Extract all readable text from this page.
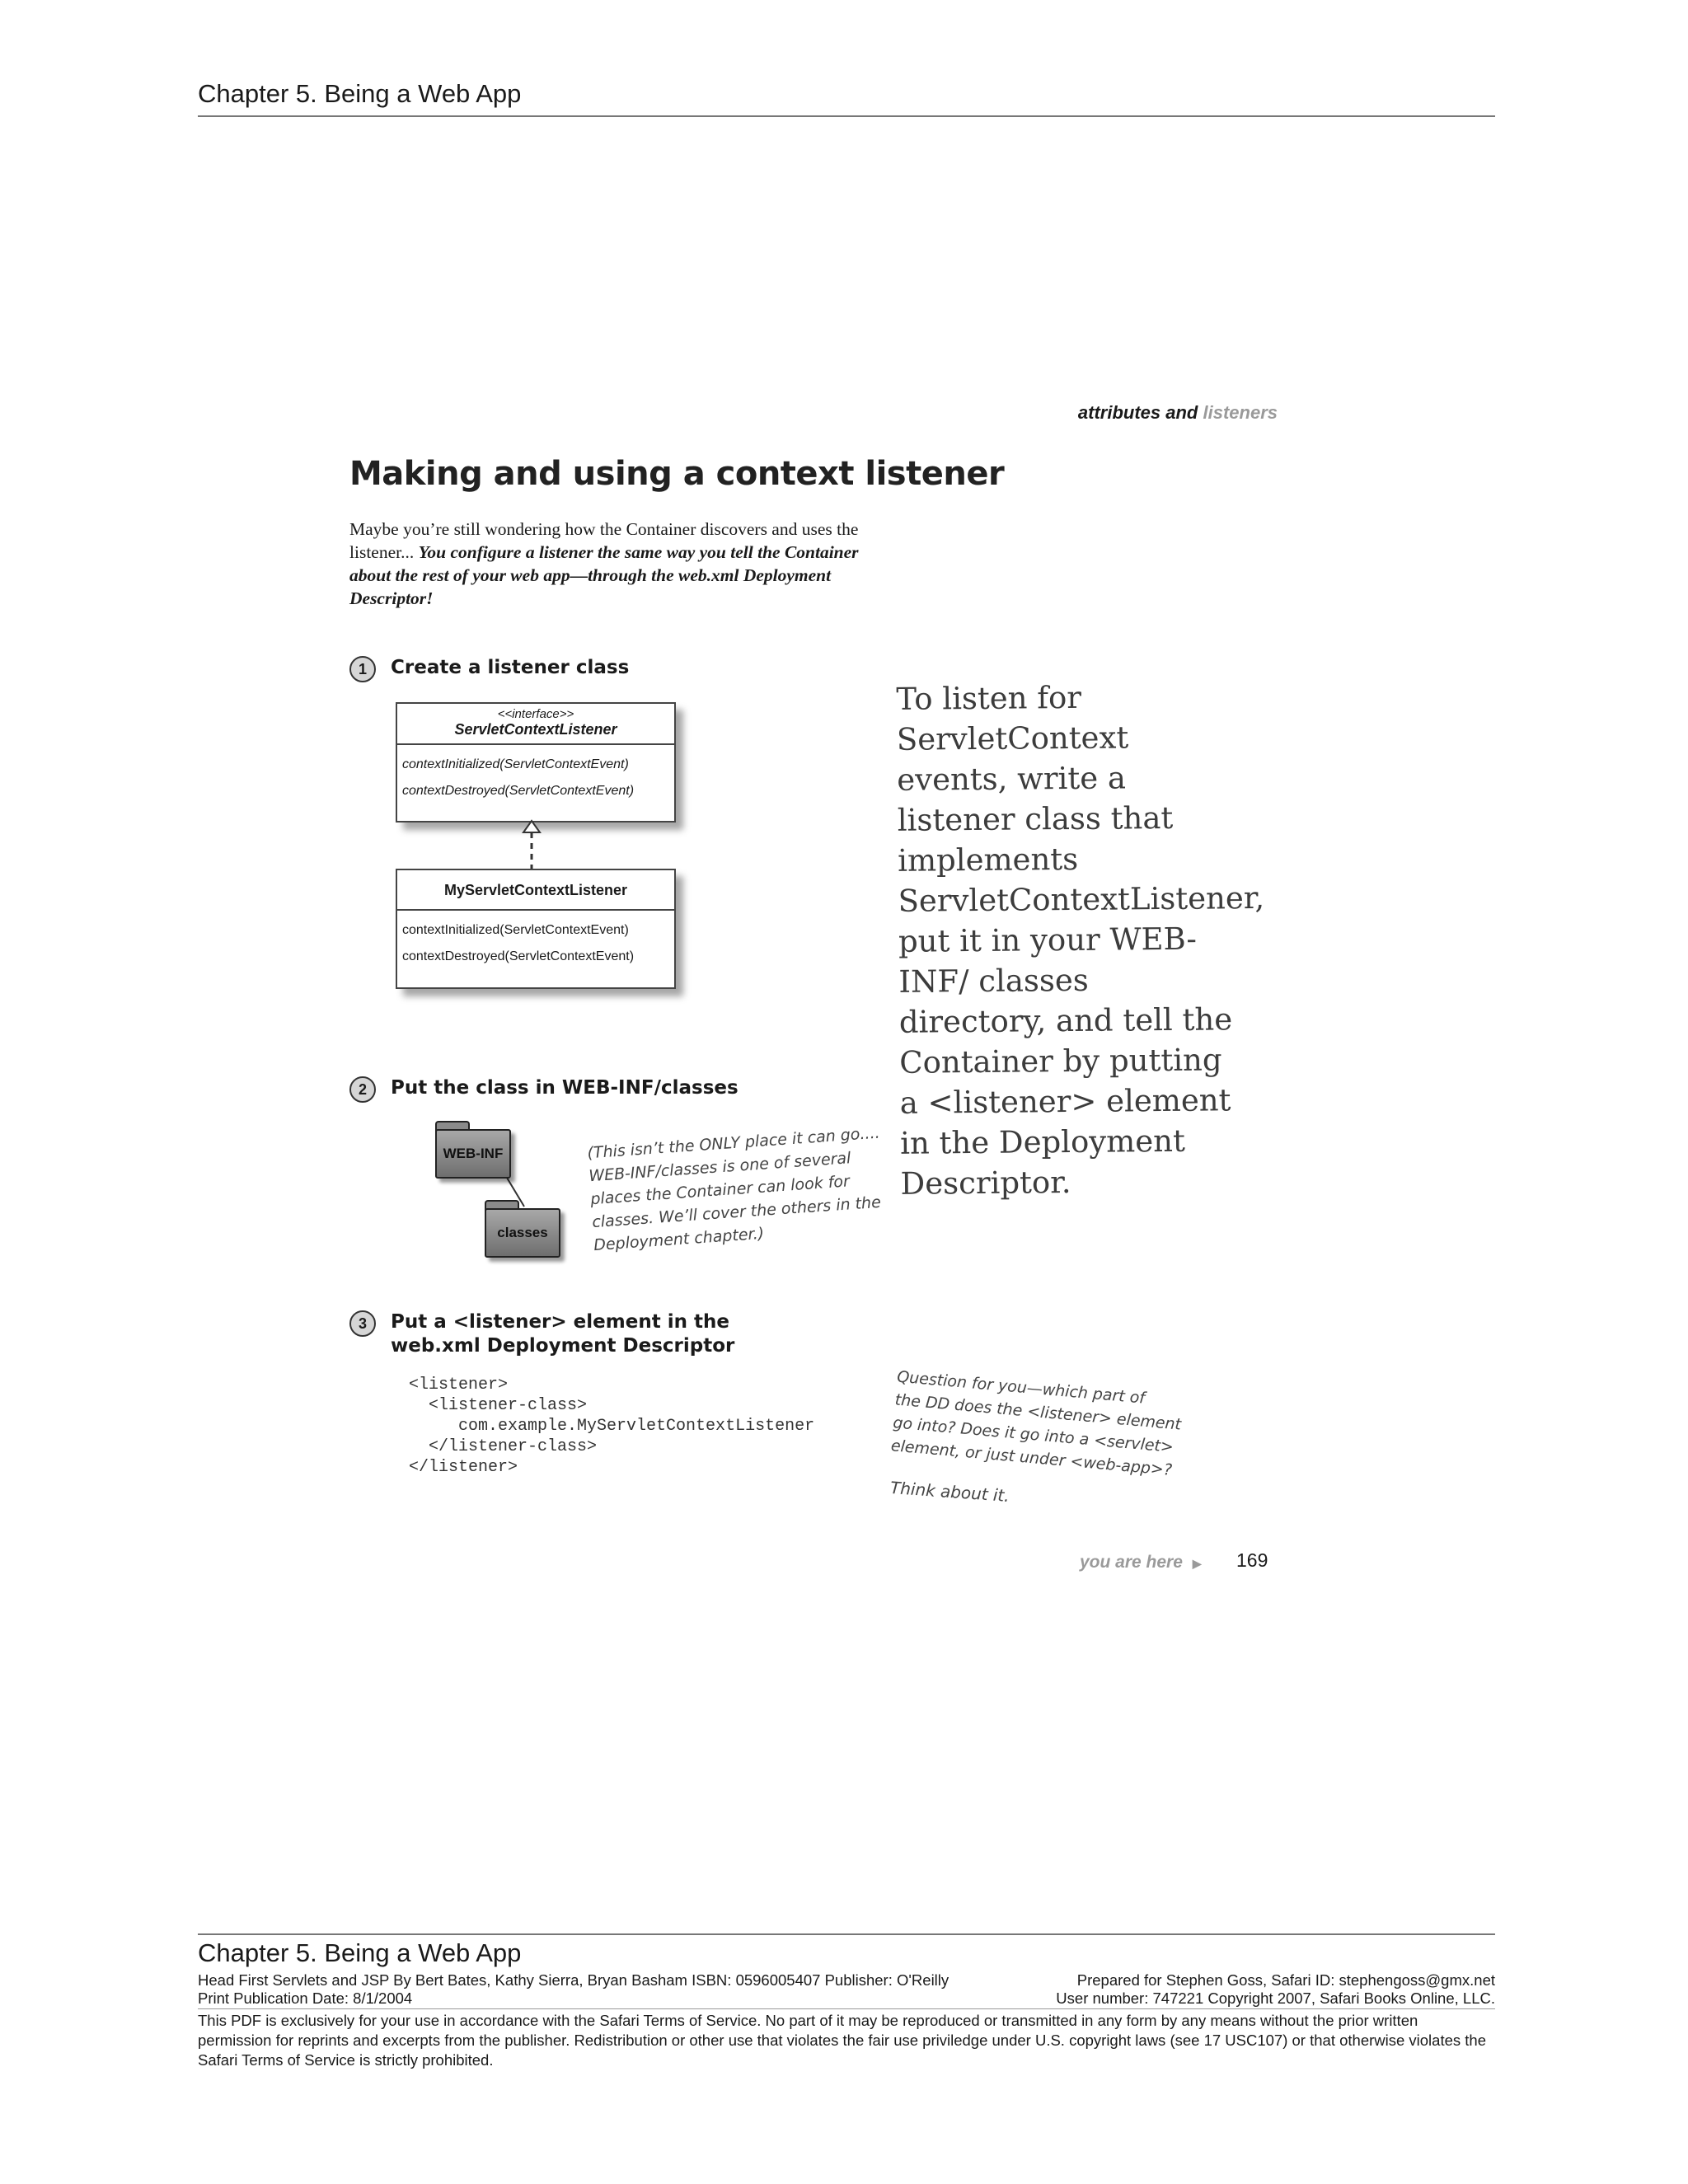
Chapter 5. Being a Web App
attributes and listeners
Making and using a context listener
Maybe you’re still wondering how the Container discovers and uses the listener... You configure a listener the same way you tell the Container about the rest of your web app—through the web.xml Deployment Descriptor!
1	Create a listener class
<<interface>>
ServletContextListener
contextInitialized(ServletContextEvent)
contextDestroyed(ServletContextEvent)
MyServletContextListener
contextInitialized(ServletContextEvent)
contextDestroyed(ServletContextEvent)
To listen for ServletContext events, write a listener class that implements ServletContextListener, put it in your WEB-INF/ classes directory, and tell the Container by putting a <listener> element in the Deployment Descriptor.
2	Put the class in WEB-INF/classes
WEB-INF
classes
(This isn’t the ONLY place it can go....
WEB-INF/classes is one of several
places the Container can look for
classes. We’ll cover the others in the
Deployment chapter.)
3	Put a <listener> element in the
web.xml Deployment Descriptor
<listener>
<listener-class>
com.example.MyServletContextListener
</listener-class>
</listener>
Question for you—which part of
the DD does the <listener> element
go into? Does it go into a <servlet>
element, or just under <web-app>?
Think about it.
you are here ▶ 169
Chapter 5. Being a Web App
Head First Servlets and JSP By Bert Bates, Kathy Sierra, Bryan Basham ISBN: 0596005407 Publisher: O'Reilly	Prepared for Stephen Goss, Safari ID: stephengoss@gmx.net
Print Publication Date: 8/1/2004	User number: 747221 Copyright 2007, Safari Books Online, LLC.
This PDF is exclusively for your use in accordance with the Safari Terms of Service. No part of it may be reproduced or transmitted in any form by any means without the prior written permission for reprints and excerpts from the publisher. Redistribution or other use that violates the fair use priviledge under U.S. copyright laws (see 17 USC107) or that otherwise violates the Safari Terms of Service is strictly prohibited.
